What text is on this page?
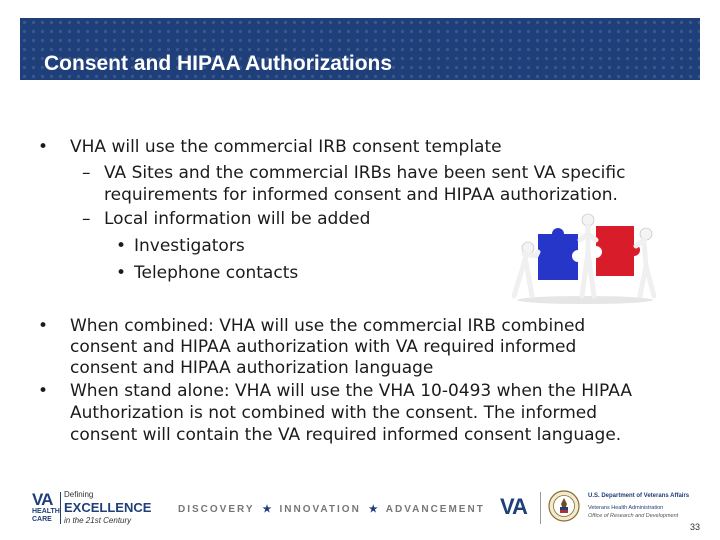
Consent and HIPAA Authorizations
• VHA will use the commercial IRB consent template
– VA Sites and the commercial IRBs have been sent VA specific
requirements for informed consent and HIPAA authorization.
– Local information will be added
• Investigators
• Telephone contacts
• When combined: VHA will use the commercial IRB combined
consent and HIPAA authorization with VA required informed
consent and HIPAA authorization language
• When stand alone: VHA will use the VHA 10-0493 when the HIPAA
Authorization is not combined with the consent. The informed
consent will contain the VA required informed consent language.
VA
HEALTH
CARE
Defining
EXCELLENCE
in the 21st Century
DISCOVERY ★ INNOVATION ★ ADVANCEMENT VA	U.S. Department of Veterans Affairs
Veterans Health Administration
Office of Research and Development
33
